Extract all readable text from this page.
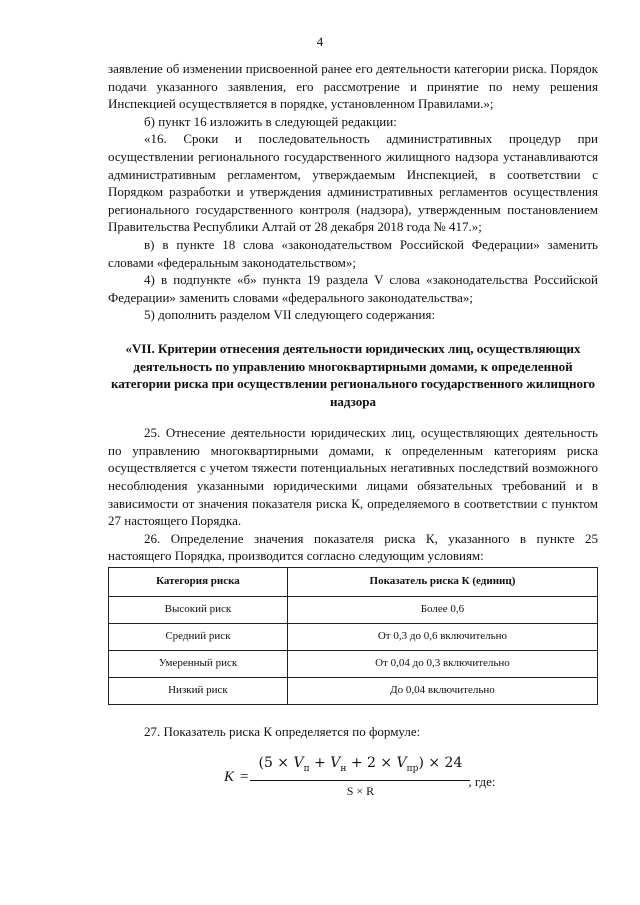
4

заявление об изменении присвоенной ранее его деятельности категории риска. Порядок подачи указанного заявления, его рассмотрение и принятие по нему решения Инспекцией осуществляется в порядке, установленном Правилами.»;

б) пункт 16 изложить в следующей редакции:

«16. Сроки и последовательность административных процедур при осуществлении регионального государственного жилищного надзора устанавливаются административным регламентом, утверждаемым Инспекцией, в соответствии с Порядком разработки и утверждения административных регламентов осуществления регионального государственного контроля (надзора), утвержденным постановлением Правительства Республики Алтай от 28 декабря 2018 года № 417.»;

в) в пункте 18 слова «законодательством Российской Федерации» заменить словами «федеральным законодательством»;

4) в подпункте «б» пункта 19 раздела V слова «законодательства Российской Федерации» заменить словами «федерального законодательства»;

5) дополнить разделом VII следующего содержания:

«VII. Критерии отнесения деятельности юридических лиц, осуществляющих деятельность по управлению многоквартирными домами, к определенной категории риска при осуществлении регионального государственного жилищного надзора

25. Отнесение деятельности юридических лиц, осуществляющих деятельность по управлению многоквартирными домами, к определенным категориям риска осуществляется с учетом тяжести потенциальных негативных последствий возможного несоблюдения указанными юридическими лицами обязательных требований и в зависимости от значения показателя риска К, определяемого в соответствии с пунктом 27 настоящего Порядка.

26. Определение значения показателя риска К, указанного в пункте 25 настоящего Порядка, производится согласно следующим условиям:

Категория риска	Показатель риска К (единиц)
Высокий риск	Более 0,6
Средний риск	От 0,3 до 0,6 включительно
Умеренный риск	От 0,04 до 0,3 включительно
Низкий риск	До 0,04 включительно

27. Показатель риска К определяется по формуле:

$K = \frac{(5 \times V_п + V_н + 2 \times V_{пр}) \times 24}{S \times R}$ , где:
